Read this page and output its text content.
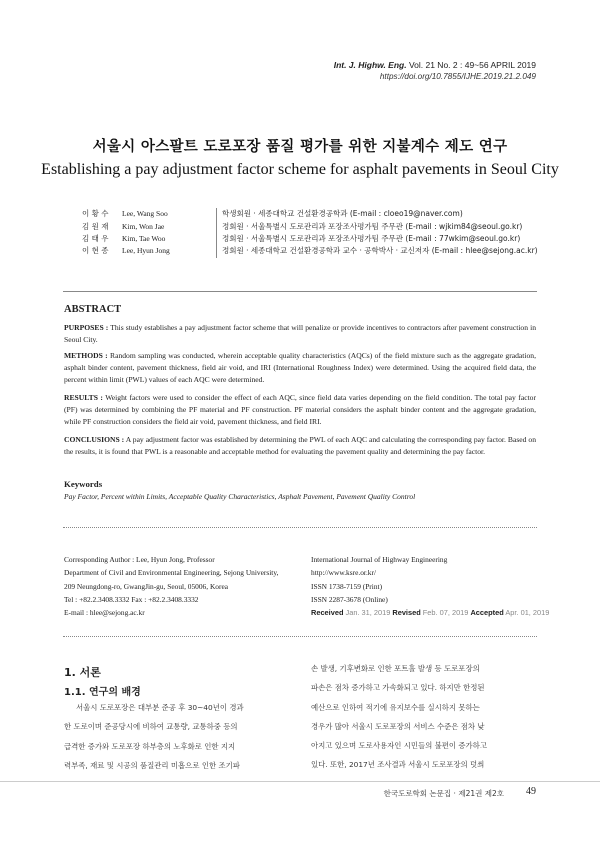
Int. J. Highw. Eng. Vol. 21 No. 2 : 49~56 APRIL 2019
https://doi.org/10.7855/IJHE.2019.21.2.049
서울시 아스팔트 도로포장 품질 평가를 위한 지불계수 제도 연구
Establishing a pay adjustment factor scheme for asphalt pavements in Seoul City
이 황 수	Lee, Wang Soo	학생회원 · 세종대학교 건설환경공학과 (E-mail : cloeo19@naver.com)
김 원 재	Kim, Won Jae	정회원 · 서울특별시 도로관리과 포장조사평가팀 주무관 (E-mail : wjkim84@seoul.go.kr)
김 태 우	Kim, Tae Woo	정회원 · 서울특별시 도로관리과 포장조사평가팀 주무관 (E-mail : 77wkim@seoul.go.kr)
이 현 종	Lee, Hyun Jong	정회원 · 세종대학교 건설환경공학과 교수 · 공학박사 · 교신저자 (E-mail : hlee@sejong.ac.kr)
ABSTRACT
PURPOSES : This study establishes a pay adjustment factor scheme that will penalize or provide incentives to contractors after pavement construction in Seoul City.
METHODS : Random sampling was conducted, wherein acceptable quality characteristics (AQCs) of the field mixture such as the aggregate gradation, asphalt binder content, pavement thickness, field air void, and IRI (International Roughness Index) were determined. Using the acquired field data, the percent within limit (PWL) values of each AQC were determined.
RESULTS : Weight factors were used to consider the effect of each AQC, since field data varies depending on the field condition. The total pay factor (PF) was determined by combining the PF material and PF construction. PF material considers the asphalt binder content and the aggregate gradation, while PF construction considers the field air void, pavement thickness, and field IRI.
CONCLUSIONS : A pay adjustment factor was established by determining the PWL of each AQC and calculating the corresponding pay factor. Based on the results, it is found that PWL is a reasonable and acceptable method for evaluating the pavement quality and determining the pay factor.
Keywords
Pay Factor, Percent within Limits, Acceptable Quality Characteristics, Asphalt Pavement, Pavement Quality Control
Corresponding Author : Lee, Hyun Jong, Professor
Department of Civil and Environmental Engineering, Sejong University,
209 Neungdong-ro, GwangJin-gu, Seoul, 05006, Korea
Tel : +82.2.3408.3332 Fax : +82.2.3408.3332
E-mail : hlee@sejong.ac.kr
International Journal of Highway Engineering
http://www.ksre.or.kr/
ISSN 1738-7159 (Print)
ISSN 2287-3678 (Online)
Received Jan. 31, 2019 Revised Feb. 07, 2019 Accepted Apr. 01, 2019
1. 서론
1.1. 연구의 배경
서울시 도로포장은 대부분 준공 후 30~40년이 경과
한 도로이며 준공당시에 비하여 교통량, 교통하중 등의
급격한 증가와 도로포장 하부층의 노후화로 인한 지지
력부족, 재료 및 시공의 품질관리 미흡으로 인한 조기파
손 발생, 기후변화로 인한 포트홀 발생 등 도로포장의
파손은 점차 증가하고 가속화되고 있다. 하지만 한정된
예산으로 인하여 적기에 유지보수를 실시하지 못하는
경우가 많아 서울시 도로포장의 서비스 수준은 점차 낮
아지고 있으며 도로사용자인 시민들의 불편이 증가하고
있다. 또한, 2017년 조사결과 서울시 도로포장의 덧씌
한국도로학회 논문집 · 제21권 제2호 49
